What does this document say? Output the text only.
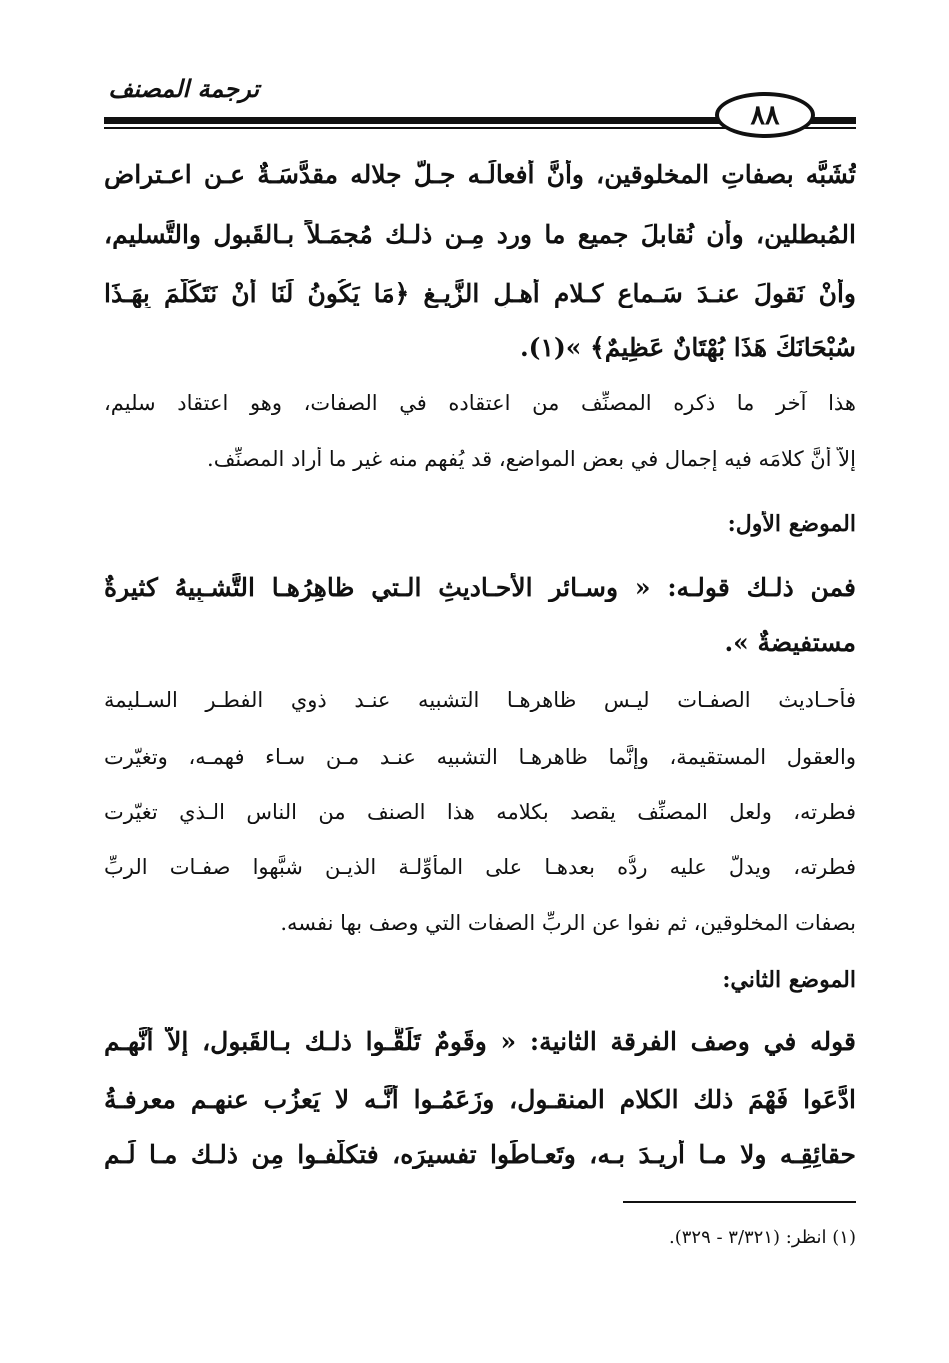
ترجمة المصنف
٨٨
تُشَبَّه بصفاتِ المخلوقين، وأنَّ أفعالَـه جـلَّ جلاله مقدَّسَـةٌ عـن اعـتراض
المُبطلين، وأن نُقابلَ جميع ما ورد مِـن ذلـك مُجمَـلاً بـالقَبول والتَّسليم،
وأنْ نَقولَ عنـدَ سَـماعِ كـلام أهـلِ الزَّيـغِ ﴿مَا يَكُونُ لَنَا أَنْ نَتَكَلَّمَ بِهَـذَا
سُبْحَانَكَ هَذَا بُهْتَانٌ عَظِيمٌ﴾ »(١).
هذا آخر ما ذكره المصنِّف من اعتقاده في الصفات، وهو اعتقاد سليم،
إلاَّ أنَّ كلامَه فيه إجمال في بعض المواضع، قد يُفهم منه غير ما أراد المصنِّف.
الموضع الأول:
فمن ذلـك قولـه: « وسـائرِ الأحـاديثِ الـتي ظاهِرُهـا التَّشـبِيهُ كثيرةٌ
مستفيضةٌ ».
فأحـاديث الصفـات ليـس ظاهرهـا التشبيه عنـد ذوي الفطـر السـليمة
والعقول المستقيمة، وإنَّما ظاهرهـا التشبيه عنـد مـن سـاء فهمـه، وتغيّرت
فطرته، ولعل المصنِّف يقصد بكلامه هذا الصنف من الناس الـذي تغيّرت
فطرته، ويدلُّ عليه ردُّه بعدهـا على المأوِّلـة الذيـن شبَّهوا صفـات الربِّ
بصفات المخلوقين، ثم نفوا عن الربِّ الصفات التي وصف بها نفسه.
الموضع الثاني:
قوله في وصف الفرقة الثانية: « وقَومٌ تَلَقَّـوا ذلـك بـالقَبول، إلاَّ أنَّهـم
ادَّعَوا فَهْمَ ذلك الكلامِ المنقـول، وزَعَمُـوا أنَّـه لا يَعزُب عنهـم معرفـةُ
حقائِقِـه ولا مـا أُريـدَ بـه، وتَعـاطَوا تفسيرَه، فتكلَّفـوا مِن ذلـك مـا لَـم
(١) انظر: (٣/٣٢١ - ٣٢٩).
